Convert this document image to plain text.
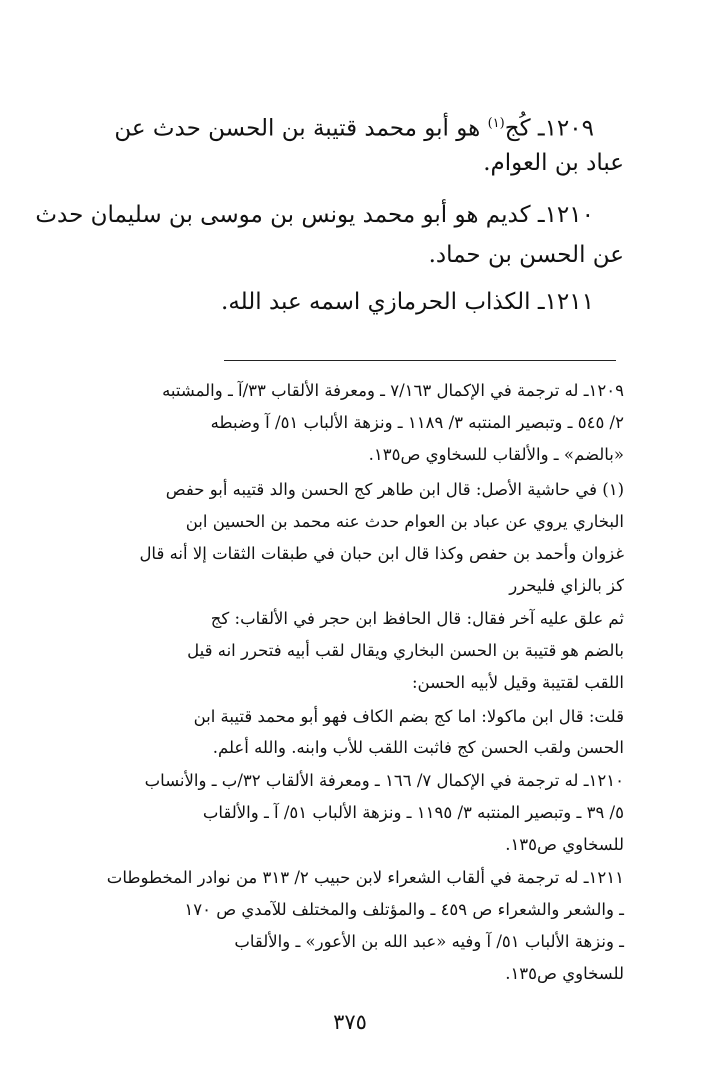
١٢٠٩ـ كُج$^{(١)}$ هو أبو محمد قتيبة بن الحسن حدث عن
عباد بن العوام.
١٢١٠ـ كديم هو أبو محمد يونس بن موسى بن سليمان حدث
عن الحسن بن حماد.
١٢١١ـ الكذاب الحرمازي اسمه عبد الله.
١٢٠٩ـ له ترجمة في الإكمال ٧/١٦٣ ـ ومعرفة الألقاب ٣٣/آ ـ والمشتبه
٢/ ٥٤٥ ـ وتبصير المنتبه ٣/ ١١٨٩ ـ ونزهة الألباب ٥١/ آ وضبطه
«بالضم» ـ والألقاب للسخاوي ص١٣٥.
(١) في حاشية الأصل: قال ابن طاهر كج الحسن والد قتيبه أبو حفص
البخاري يروي عن عباد بن العوام حدث عنه محمد بن الحسين ابن
غزوان وأحمد بن حفص وكذا قال ابن حبان في طبقات الثقات إلا أنه قال
كز بالزاي فليحرر
ثم علق عليه آخر فقال: قال الحافظ ابن حجر في الألقاب: كج
بالضم هو قتيبة بن الحسن البخاري ويقال لقب أبيه فتحرر انه قيل
اللقب لقتيبة وقيل لأبيه الحسن:
قلت: قال ابن ماكولا: اما كج بضم الكاف فهو أبو محمد قتيبة ابن
الحسن ولقب الحسن كج فاثبت اللقب للأب وابنه. والله أعلم.
١٢١٠ـ له ترجمة في الإكمال ٧/ ١٦٦ ـ ومعرفة الألقاب ٣٢/ب ـ والأنساب
٥/ ٣٩ ـ وتبصير المنتبه ٣/ ١١٩٥ ـ ونزهة الألباب ٥١/ آ ـ والألقاب
للسخاوي ص١٣٥.
١٢١١ـ له ترجمة في ألقاب الشعراء لابن حبيب ٢/ ٣١٣ من نوادر المخطوطات
ـ والشعر والشعراء ص ٤٥٩ ـ والمؤتلف والمختلف للآمدي ص ١٧٠
ـ ونزهة الألباب ٥١/ آ وفيه «عبد الله بن الأعور» ـ والألقاب
للسخاوي ص١٣٥.
٣٧٥
